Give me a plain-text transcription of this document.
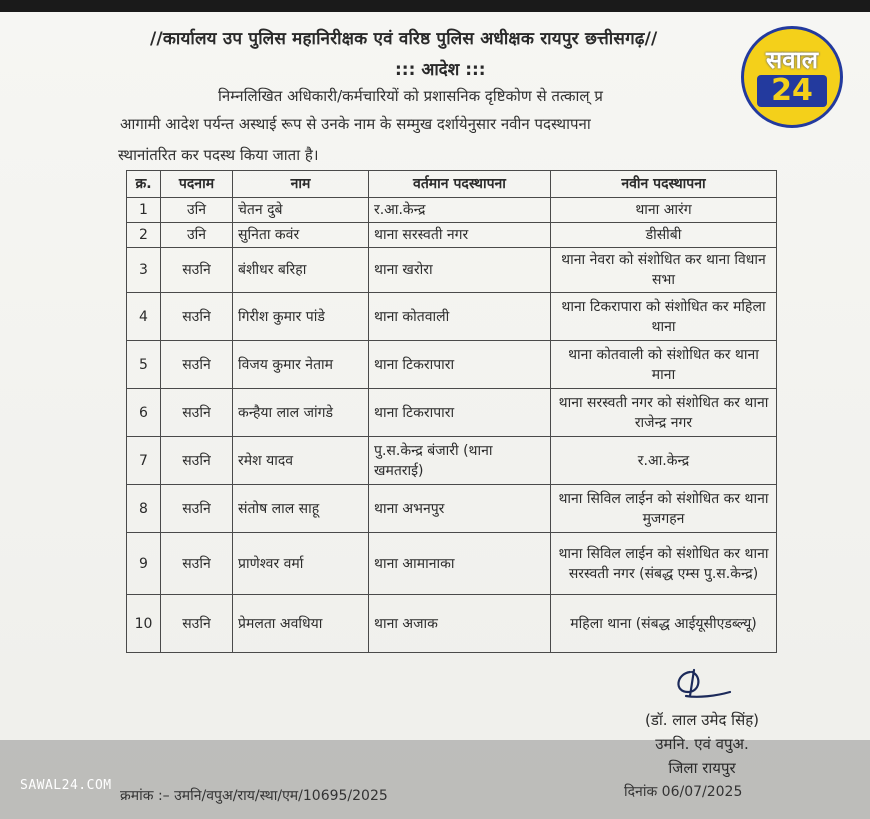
//कार्यालय उप पुलिस महानिरीक्षक एवं वरिष्ठ पुलिस अधीक्षक रायपुर छत्तीसगढ़//
::: आदेश :::	सवाल
24
निम्नलिखित अधिकारी/कर्मचारियों को प्रशासनिक दृष्टिकोण से तत्काल् प्र
आगामी आदेश पर्यन्त अस्थाई रूप से उनके नाम के सम्मुख दर्शायेनुसार नवीन पदस्थापना
स्थानांतरित कर पदस्थ किया जाता है।
क्र.	पदनाम	नाम	वर्तमान पदस्थापना	नवीन पदस्थापना
1	उनि	चेतन दुबे	र.आ.केन्द्र	थाना आरंग
2	उनि	सुनिता कवंर	थाना सरस्वती नगर	डीसीबी
3	सउनि	बंशीधर बरिहा	थाना खरोरा	थाना नेवरा को संशोधित कर थाना विधान सभा
4	सउनि	गिरीश कुमार पांडे	थाना कोतवाली	थाना टिकरापारा को संशोधित कर महिला थाना
5	सउनि	विजय कुमार नेताम	थाना टिकरापारा	थाना कोतवाली को संशोधित कर थाना माना
6	सउनि	कन्हैया लाल जांगडे	थाना टिकरापारा	थाना सरस्वती नगर को संशोधित कर थाना राजेन्द्र नगर
7	सउनि	रमेश यादव	पु.स.केन्द्र बंजारी (थाना खमतराई)	र.आ.केन्द्र
8	सउनि	संतोष लाल साहू	थाना अभनपुर	थाना सिविल लाईन को संशोधित कर थाना मुजगहन
9	सउनि	प्राणेश्वर वर्मा	थाना आमानाका	थाना सिविल लाईन को संशोधित कर थाना सरस्वती नगर (संबद्ध एम्स पु.स.केन्द्र)
10	सउनि	प्रेमलता अवधिया	थाना अजाक	महिला थाना (संबद्ध आईयूसीएडब्ल्यू)
(डॉ. लाल उमेद सिंह)
उमनि. एवं वपुअ.
जिला रायपुर
SAWAL24.COM
क्रमांक :– उमनि/वपुअ/राय/स्था/एम/10695/2025	दिनांक 06/07/2025
